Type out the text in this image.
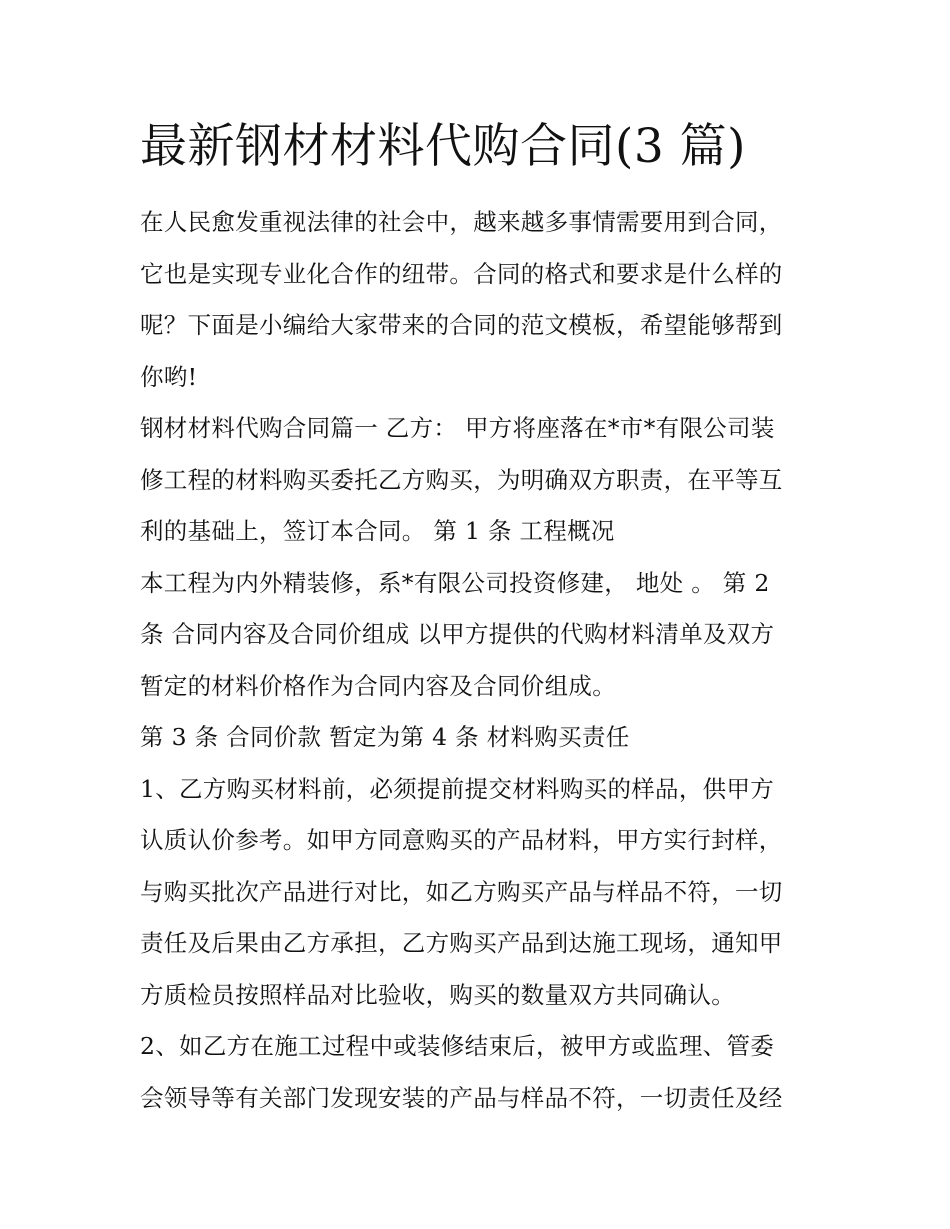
最新钢材材料代购合同(3 篇)

在人民愈发重视法律的社会中，越来越多事情需要用到合同，
它也是实现专业化合作的纽带。合同的格式和要求是什么样的
呢？下面是小编给大家带来的合同的范文模板，希望能够帮到
你哟!

钢材材料代购合同篇一 乙方： 甲方将座落在*市*有限公司装
修工程的材料购买委托乙方购买，为明确双方职责，在平等互
利的基础上，签订本合同。 第 1 条 工程概况

本工程为内外精装修，系*有限公司投资修建， 地处 。 第 2
条 合同内容及合同价组成 以甲方提供的代购材料清单及双方
暂定的材料价格作为合同内容及合同价组成。

第 3 条 合同价款 暂定为第 4 条 材料购买责任

1、乙方购买材料前，必须提前提交材料购买的样品，供甲方
认质认价参考。如甲方同意购买的产品材料，甲方实行封样，
与购买批次产品进行对比，如乙方购买产品与样品不符，一切
责任及后果由乙方承担，乙方购买产品到达施工现场，通知甲
方质检员按照样品对比验收，购买的数量双方共同确认。

2、如乙方在施工过程中或装修结束后，被甲方或监理、管委
会领导等有关部门发现安装的产品与样品不符，一切责任及经
